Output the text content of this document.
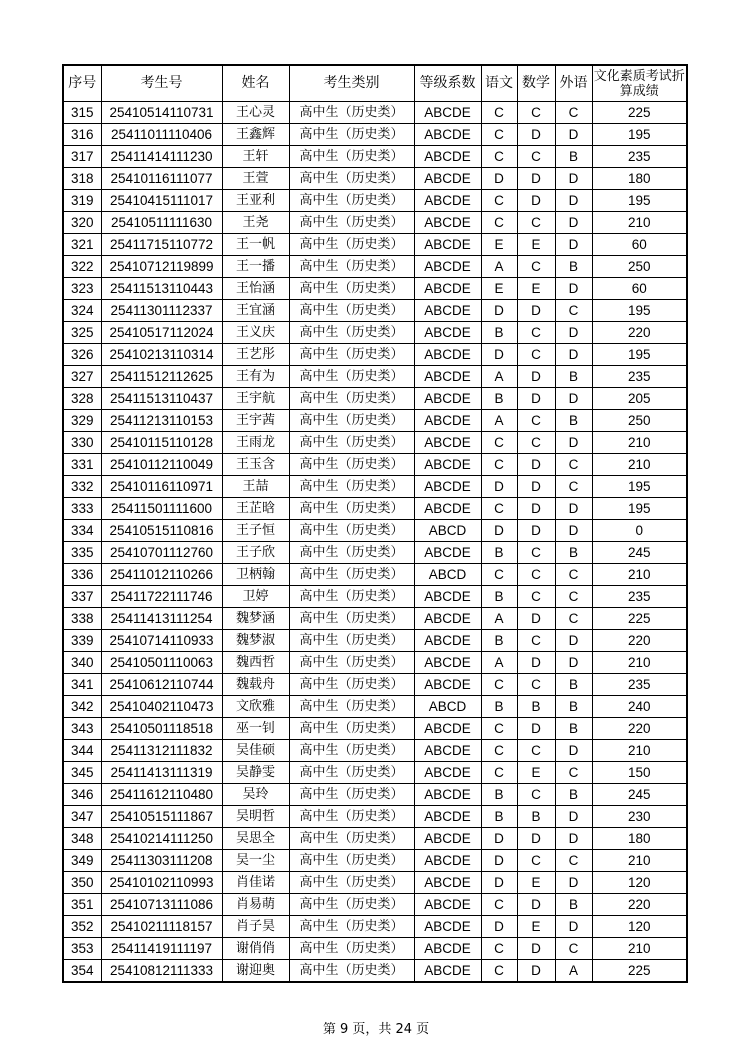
序号	考生号	姓名	考生类别	等级系数	语文	数学	外语	文化素质考试折算成绩
315	25410514110731	王心灵	高中生（历史类）	ABCDE	C	C	C	225
316	25411011110406	王鑫辉	高中生（历史类）	ABCDE	C	D	D	195
317	25411414111230	王轩	高中生（历史类）	ABCDE	C	C	B	235
318	25410116111077	王萱	高中生（历史类）	ABCDE	D	D	D	180
319	25410415111017	王亚利	高中生（历史类）	ABCDE	C	D	D	195
320	25410511111630	王尧	高中生（历史类）	ABCDE	C	C	D	210
321	25411715110772	王一帆	高中生（历史类）	ABCDE	E	E	D	60
322	25410712119899	王一播	高中生（历史类）	ABCDE	A	C	B	250
323	25411513110443	王怡涵	高中生（历史类）	ABCDE	E	E	D	60
324	25411301112337	王宜涵	高中生（历史类）	ABCDE	D	D	C	195
325	25410517112024	王义庆	高中生（历史类）	ABCDE	B	C	D	220
326	25410213110314	王艺彤	高中生（历史类）	ABCDE	D	C	D	195
327	25411512112625	王有为	高中生（历史类）	ABCDE	A	D	B	235
328	25411513110437	王宇航	高中生（历史类）	ABCDE	B	D	D	205
329	25411213110153	王宇茜	高中生（历史类）	ABCDE	A	C	B	250
330	25410115110128	王雨龙	高中生（历史类）	ABCDE	C	C	D	210
331	25410112110049	王玉含	高中生（历史类）	ABCDE	C	D	C	210
332	25410116110971	王喆	高中生（历史类）	ABCDE	D	D	C	195
333	25411501111600	王芷晗	高中生（历史类）	ABCDE	C	D	D	195
334	25410515110816	王子恒	高中生（历史类）	ABCD	D	D	D	0
335	25410701112760	王子欣	高中生（历史类）	ABCDE	B	C	B	245
336	25411012110266	卫柄翰	高中生（历史类）	ABCD	C	C	C	210
337	25411722111746	卫婷	高中生（历史类）	ABCDE	B	C	C	235
338	25411413111254	魏梦涵	高中生（历史类）	ABCDE	A	D	C	225
339	25410714110933	魏梦淑	高中生（历史类）	ABCDE	B	C	D	220
340	25410501110063	魏西哲	高中生（历史类）	ABCDE	A	D	D	210
341	25410612110744	魏载舟	高中生（历史类）	ABCDE	C	C	B	235
342	25410402110473	文欣雅	高中生（历史类）	ABCD	B	B	B	240
343	25410501118518	巫一钊	高中生（历史类）	ABCDE	C	D	B	220
344	25411312111832	吴佳硕	高中生（历史类）	ABCDE	C	C	D	210
345	25411413111319	吴静雯	高中生（历史类）	ABCDE	C	E	C	150
346	25411612110480	吴玲	高中生（历史类）	ABCDE	B	C	B	245
347	25410515111867	吴明哲	高中生（历史类）	ABCDE	B	B	D	230
348	25410214111250	吴思全	高中生（历史类）	ABCDE	D	D	D	180
349	25411303111208	吴一尘	高中生（历史类）	ABCDE	D	C	C	210
350	25410102110993	肖佳诺	高中生（历史类）	ABCDE	D	E	D	120
351	25410713111086	肖易萌	高中生（历史类）	ABCDE	C	D	B	220
352	25410211118157	肖子昊	高中生（历史类）	ABCDE	D	E	D	120
353	25411419111197	谢俏俏	高中生（历史类）	ABCDE	C	D	C	210
354	25410812111333	谢迎奥	高中生（历史类）	ABCDE	C	D	A	225
第 9 页，共 24 页
